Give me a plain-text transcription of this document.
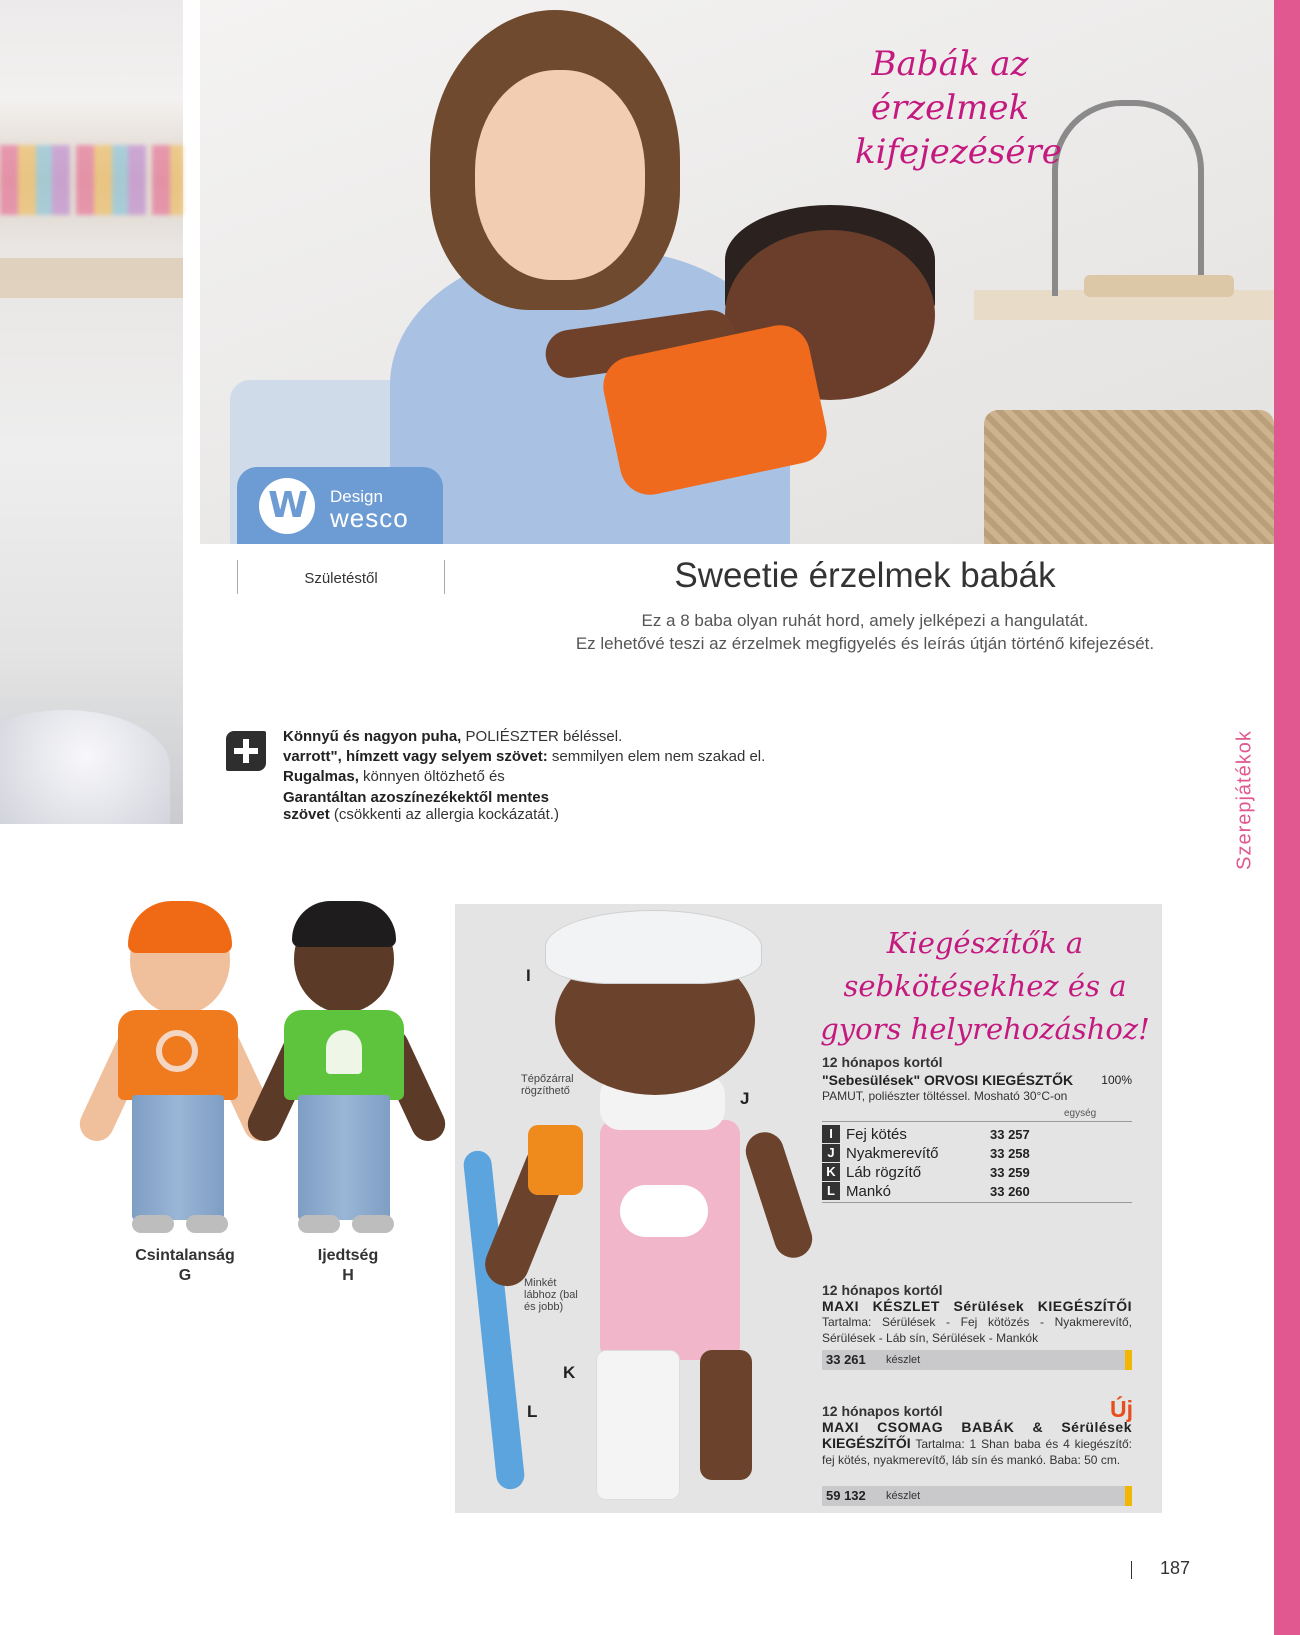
Babák az
érzelmek
kifejezésére
W Design
wesco
Szerepjátékok
Születéstől	Sweetie érzelmek babák
Ez a 8 baba olyan ruhát hord, amely jelképezi a hangulatát.
Ez lehetővé teszi az érzelmek megfigyelés és leírás útján történő kifejezését.

Könnyű és nagyon puha, POLIÉSZTER béléssel.

varrott", hímzett vagy selyem szövet: semmilyen elem nem szakad el.

Rugalmas, könnyen öltözhető és

Garantáltan azoszínezékektől mentes szövet (csökkenti az allergia kockázatát.)

Csintalanság
G
Ijedtség
H
Tépőzárral
rögzíthető
Minkét
lábhoz (bal
és jobb)
I
J
K
L
Kiegészítők a
sebkötésekhez és a
gyors helyrehozáshoz!
12 hónapos kortól
"Sebesülések" ORVOSI KIEGÉSZTŐK 100%
PAMUT, poliészter töltéssel. Mosható 30°C-on
egység
I Fej kötés	33 257
J Nyakmerevítő	33 258
K Láb rögzítő	33 259
L Mankó	33 260
12 hónapos kortól
MAXI KÉSZLET Sérülések KIEGÉSZÍTŐI
Tartalma: Sérülések - Fej kötözés - Nyakmerevítő, Sérülések - Láb sín, Sérülések - Mankók
33 261 készlet
Új
12 hónapos kortól
MAXI CSOMAG BABÁK & Sérülések
KIEGÉSZÍTŐI Tartalma: 1 Shan baba és 4 kiegészítő: fej kötés, nyakmerevítő, láb sín és mankó. Baba: 50 cm.
59 132 készlet
187
